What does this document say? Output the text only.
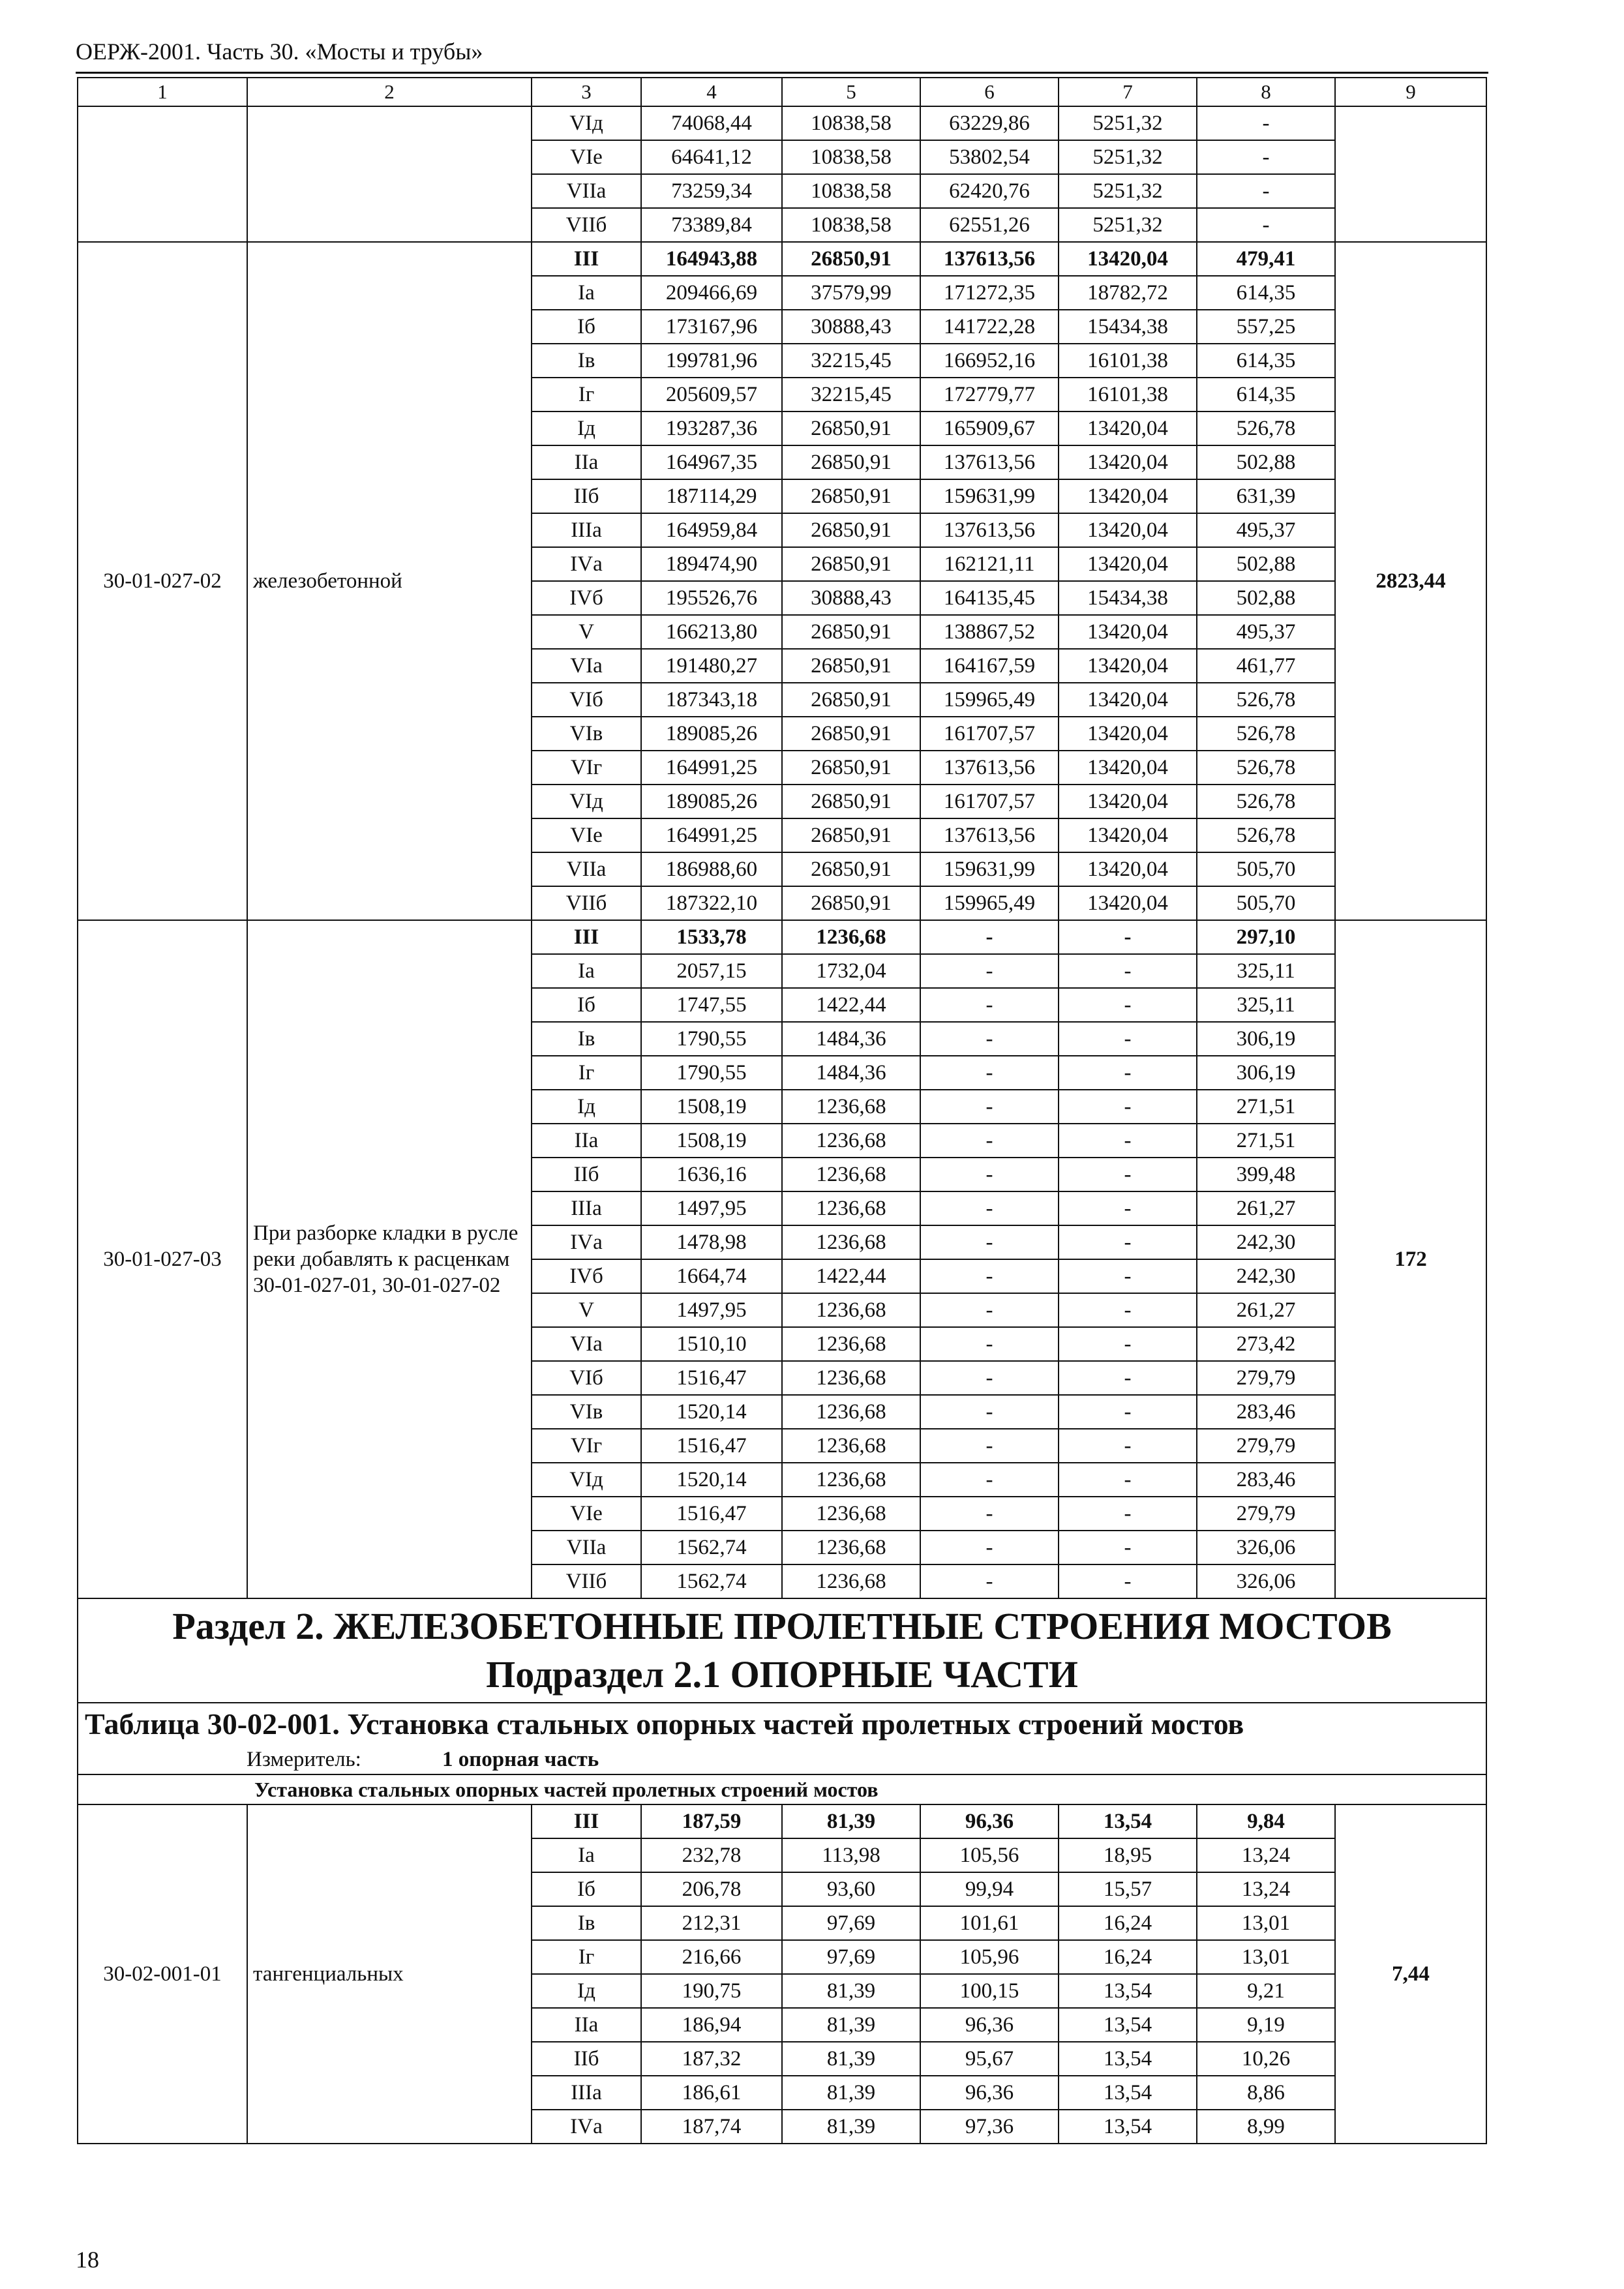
ОЕРЖ-2001. Часть 30. «Мосты и трубы»
1	2	3	4	5	6	7	8	9
		VIд	74068,44	10838,58	63229,86	5251,32	-	
		VIе	64641,12	10838,58	53802,54	5251,32	-	
		VIIа	73259,34	10838,58	62420,76	5251,32	-	
		VIIб	73389,84	10838,58	62551,26	5251,32	-	
30-01-027-02	железобетонной	III	164943,88	26850,91	137613,56	13420,04	479,41	2823,44
		Iа	209466,69	37579,99	171272,35	18782,72	614,35	
		Iб	173167,96	30888,43	141722,28	15434,38	557,25	
		Iв	199781,96	32215,45	166952,16	16101,38	614,35	
		Iг	205609,57	32215,45	172779,77	16101,38	614,35	
		Iд	193287,36	26850,91	165909,67	13420,04	526,78	
		IIа	164967,35	26850,91	137613,56	13420,04	502,88	
		IIб	187114,29	26850,91	159631,99	13420,04	631,39	
		IIIа	164959,84	26850,91	137613,56	13420,04	495,37	
		IVа	189474,90	26850,91	162121,11	13420,04	502,88	
		IVб	195526,76	30888,43	164135,45	15434,38	502,88	
		V	166213,80	26850,91	138867,52	13420,04	495,37	
		VIа	191480,27	26850,91	164167,59	13420,04	461,77	
		VIб	187343,18	26850,91	159965,49	13420,04	526,78	
		VIв	189085,26	26850,91	161707,57	13420,04	526,78	
		VIг	164991,25	26850,91	137613,56	13420,04	526,78	
		VIд	189085,26	26850,91	161707,57	13420,04	526,78	
		VIе	164991,25	26850,91	137613,56	13420,04	526,78	
		VIIа	186988,60	26850,91	159631,99	13420,04	505,70	
		VIIб	187322,10	26850,91	159965,49	13420,04	505,70	
30-01-027-03	При разборке кладки в русле реки добавлять к расценкам 30-01-027-01, 30-01-027-02	III	1533,78	1236,68	-	-	297,10	172
		Iа	2057,15	1732,04	-	-	325,11	
		Iб	1747,55	1422,44	-	-	325,11	
		Iв	1790,55	1484,36	-	-	306,19	
		Iг	1790,55	1484,36	-	-	306,19	
		Iд	1508,19	1236,68	-	-	271,51	
		IIа	1508,19	1236,68	-	-	271,51	
		IIб	1636,16	1236,68	-	-	399,48	
		IIIа	1497,95	1236,68	-	-	261,27	
		IVа	1478,98	1236,68	-	-	242,30	
		IVб	1664,74	1422,44	-	-	242,30	
		V	1497,95	1236,68	-	-	261,27	
		VIа	1510,10	1236,68	-	-	273,42	
		VIб	1516,47	1236,68	-	-	279,79	
		VIв	1520,14	1236,68	-	-	283,46	
		VIг	1516,47	1236,68	-	-	279,79	
		VIд	1520,14	1236,68	-	-	283,46	
		VIе	1516,47	1236,68	-	-	279,79	
		VIIа	1562,74	1236,68	-	-	326,06	
		VIIб	1562,74	1236,68	-	-	326,06	

Раздел 2. ЖЕЛЕЗОБЕТОННЫЕ ПРОЛЕТНЫЕ СТРОЕНИЯ МОСТОВ
Подраздел 2.1 ОПОРНЫЕ ЧАСТИ								

Таблица 30-02-001. Установка стальных опорных частей пролетных строений мостов								
Измеритель: 1 опорная часть								
Установка стальных опорных частей пролетных строений мостов								
30-02-001-01	тангенциальных	III	187,59	81,39	96,36	13,54	9,84	7,44
		Iа	232,78	113,98	105,56	18,95	13,24	
		Iб	206,78	93,60	99,94	15,57	13,24	
		Iв	212,31	97,69	101,61	16,24	13,01	
		Iг	216,66	97,69	105,96	16,24	13,01	
		Iд	190,75	81,39	100,15	13,54	9,21	
		IIа	186,94	81,39	96,36	13,54	9,19	
		IIб	187,32	81,39	95,67	13,54	10,26	
		IIIа	186,61	81,39	96,36	13,54	8,86	
		IVа	187,74	81,39	97,36	13,54	8,99	
18
